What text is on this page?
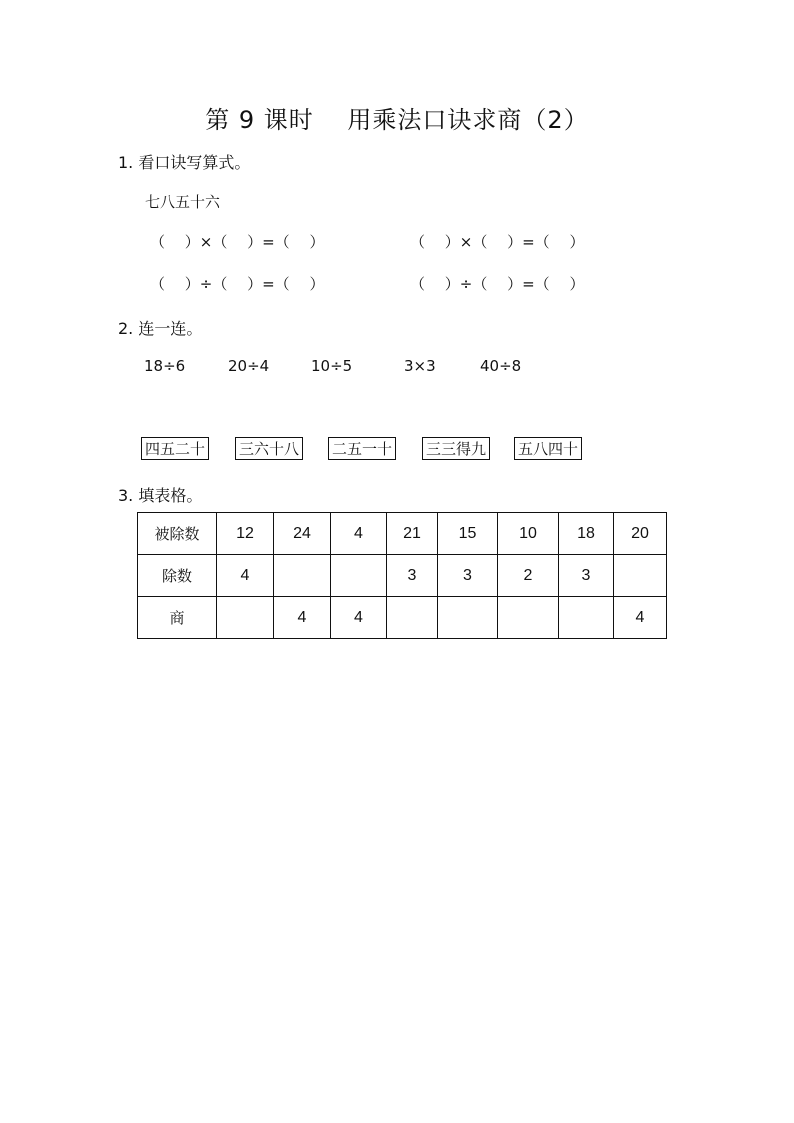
第 9 课时　 用乘法口诀求商（2）
1. 看口诀写算式。
七八五十六
（　 ）×（　 ）=（　 ）	（　 ）×（　 ）=（　 ）
（　 ）÷（　 ）=（　 ）	（　 ）÷（　 ）=（　 ）
2. 连一连。
18÷6	20÷4	10÷5	3×3	40÷8
四五二十 三六十八 二五一十 三三得九 五八四十
3. 填表格。
被除数	12	24	4	21	15	10	18	20
除数	4			3	3	2	3	
商		4	4					4
